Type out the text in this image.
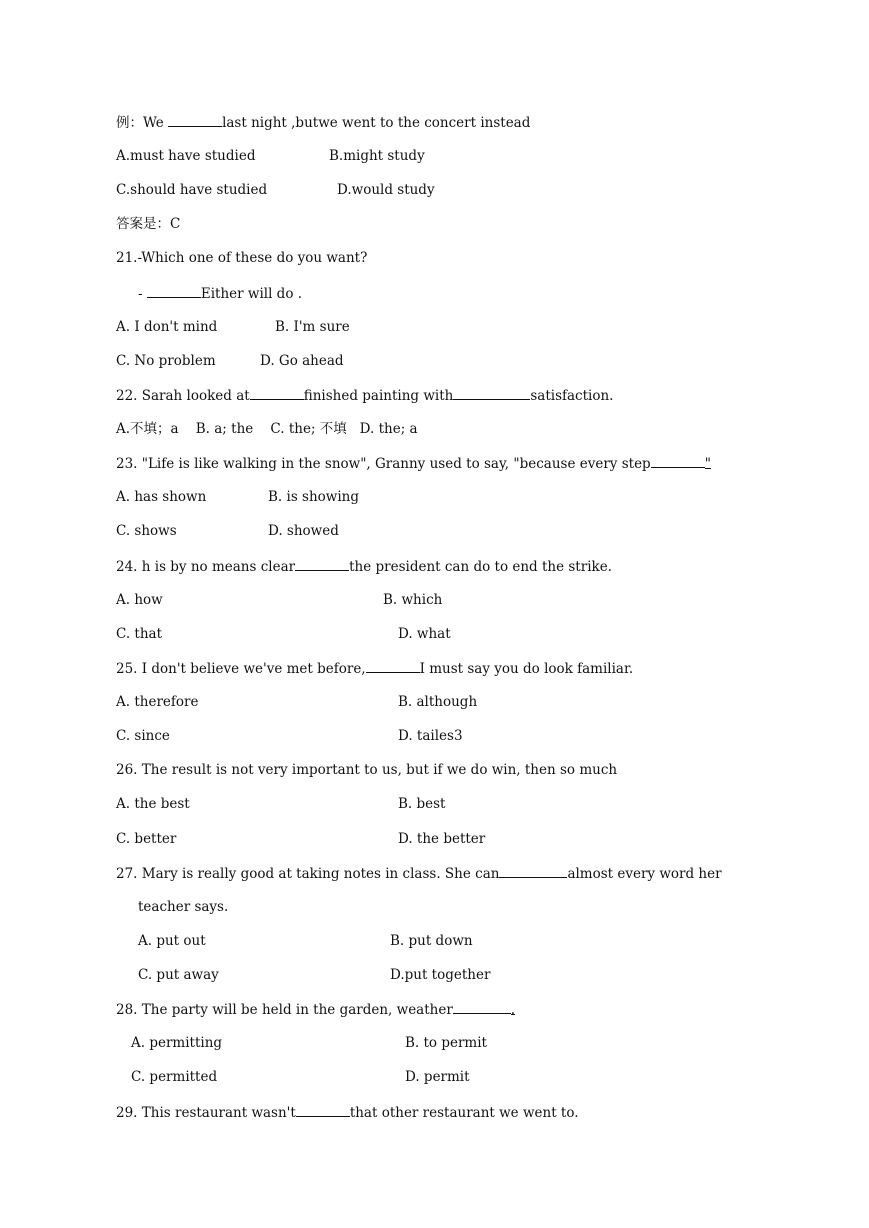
例：We	last night ,butwe went to the concert instead
A.must have studied	B.might study
C.should have studied	D.would study
答案是：C
21.-Which one of these do you want?
-	Either will do .
A. I don't mind	B. I'm sure
C. No problem	D. Go ahead
22. Sarah looked at	finished painting with	satisfaction.
A.不填；a    B. a; the    C. the; 不填   D. the; a
23. "Life is like walking in the snow", Granny used to say, "because every step	"
A. has shown	B. is showing
C. shows	D. showed
24. h is by no means clear	the president can do to end the strike.
A. how	B. which
C. that	D. what
25. I don't believe we've met before,	I must say you do look familiar.
A. therefore	B. although
C. since	D. tailes3
26. The result is not very important to us, but if we do win, then so much
A. the best	B. best
C. better	D. the better
27. Mary is really good at taking notes in class. She can	almost every word her
teacher says.
A. put out	B. put down
C. put away	D.put together
28. The party will be held in the garden, weather	.
A. permitting	B. to permit
C. permitted	D. permit
29. This restaurant wasn't	that other restaurant we went to.
